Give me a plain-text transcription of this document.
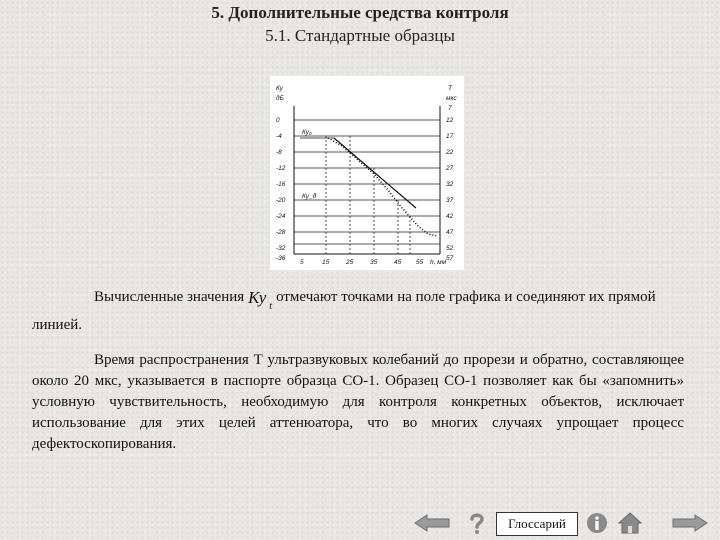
5. Дополнительные средства контроля
5.1. Стандартные образцы
Ку
дБ
T
мкс
0
-4
-8
-12
-16
-20
-24
-28
-32
-36
7
12
17
22
27
32
37
42
47
52
57
Ку₀
Ку_д
5	15	25	35	45 55 h, мм
Вычисленные значения Ку $_t$отмечают точками на поле графика и соединяют их прямой линией.
Время распространения Т ультразвуковых колебаний до прорези и обратно, составляющее около 20 мкс, указывается в паспорте образца СО-1. Образец СО-1 позволяет как бы «запомнить» условную чувствительность, необходимую для контроля конкретных объектов, исключает использование для этих целей аттенюатора, что во многих случаях упрощает процесс дефектоскопирования.
Глоссарий
